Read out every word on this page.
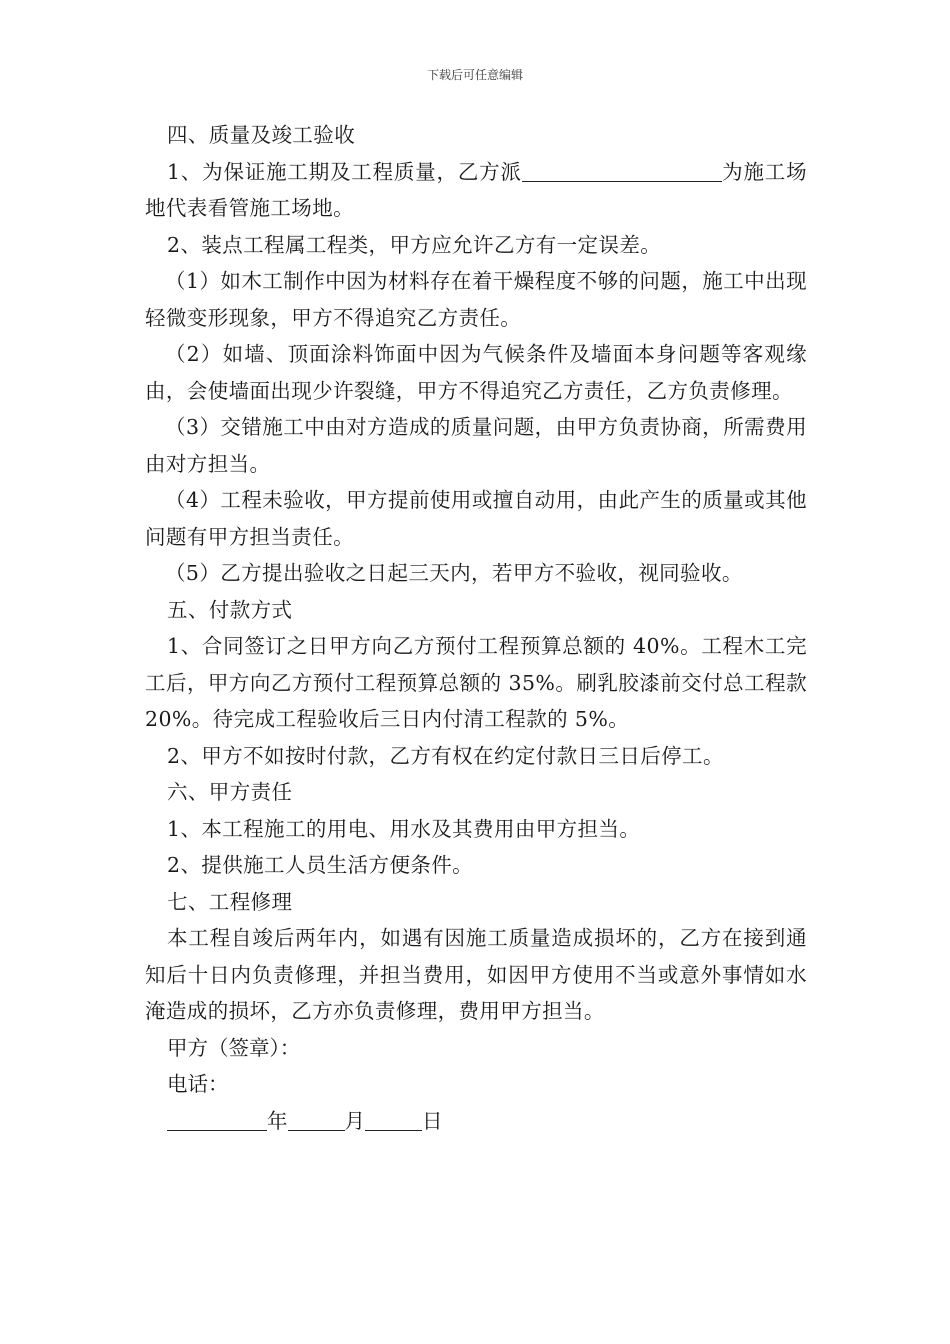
下载后可任意编辑

四、质量及竣工验收

1、为保证施工期及工程质量，乙方派	为施工场地代表看管施工场地。

2、装点工程属工程类，甲方应允许乙方有一定误差。

（1）如木工制作中因为材料存在着干燥程度不够的问题，施工中出现轻微变形现象，甲方不得追究乙方责任。

（2）如墙、顶面涂料饰面中因为气候条件及墙面本身问题等客观缘由，会使墙面出现少许裂缝，甲方不得追究乙方责任，乙方负责修理。

（3）交错施工中由对方造成的质量问题，由甲方负责协商，所需费用由对方担当。

（4）工程未验收，甲方提前使用或擅自动用，由此产生的质量或其他问题有甲方担当责任。

（5）乙方提出验收之日起三天内，若甲方不验收，视同验收。

五、付款方式

1、合同签订之日甲方向乙方预付工程预算总额的 40%。工程木工完工后，甲方向乙方预付工程预算总额的 35%。刷乳胶漆前交付总工程款 20%。待完成工程验收后三日内付清工程款的 5%。

2、甲方不如按时付款，乙方有权在约定付款日三日后停工。

六、甲方责任

1、本工程施工的用电、用水及其费用由甲方担当。

2、提供施工人员生活方便条件。

七、工程修理

本工程自竣后两年内，如遇有因施工质量造成损坏的，乙方在接到通知后十日内负责修理，并担当费用，如因甲方使用不当或意外事情如水淹造成的损坏，乙方亦负责修理，费用甲方担当。

甲方（签章）：

电话：

年	月	日
